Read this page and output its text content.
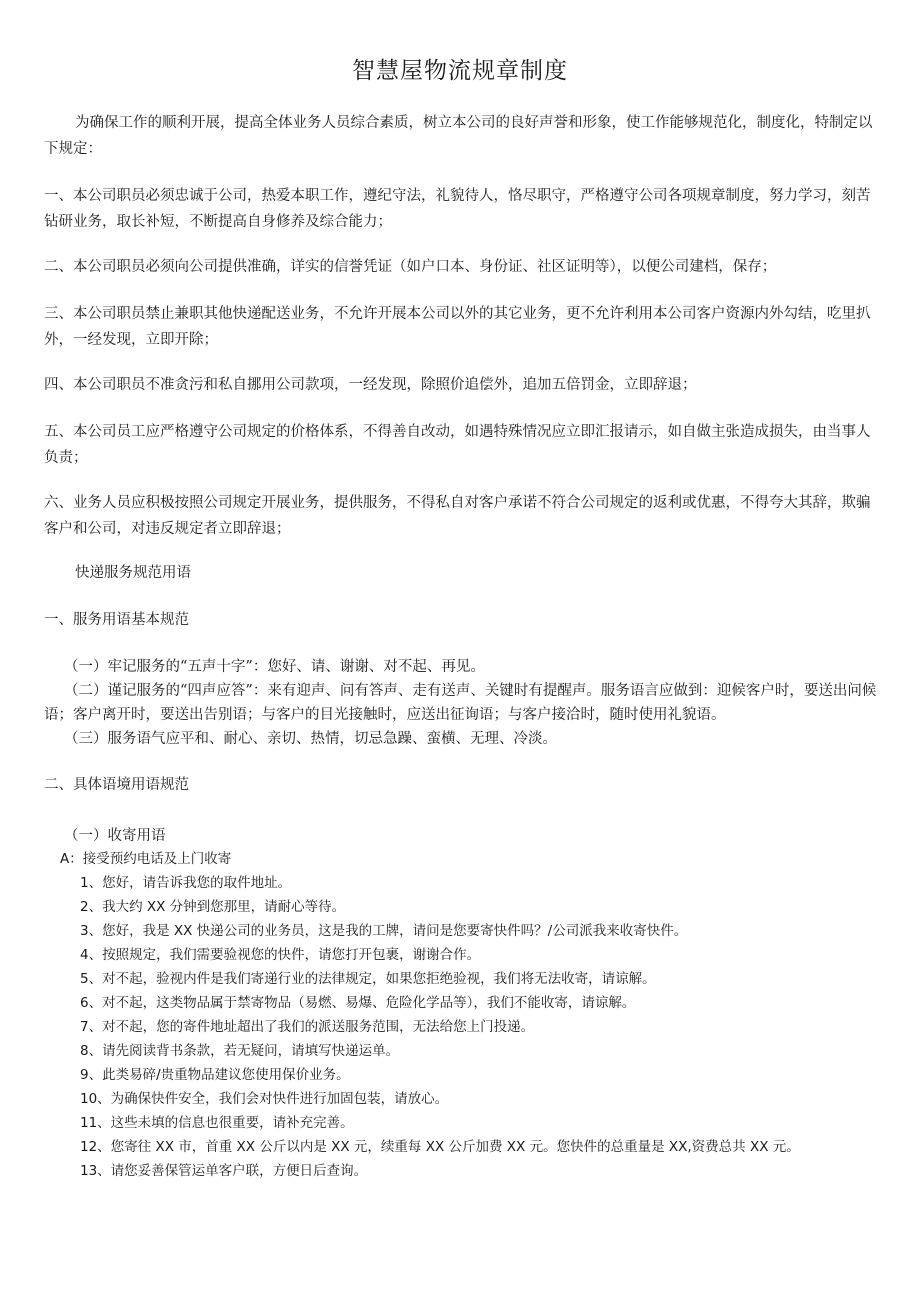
智慧屋物流规章制度

为确保工作的顺利开展，提高全体业务人员综合素质，树立本公司的良好声誉和形象，使工作能够规范化，制度化，特制定以下规定：

一、本公司职员必须忠诚于公司，热爱本职工作，遵纪守法，礼貌待人，恪尽职守，严格遵守公司各项规章制度，努力学习，刻苦钻研业务，取长补短，不断提高自身修养及综合能力；

二、本公司职员必须向公司提供准确，详实的信誉凭证（如户口本、身份证、社区证明等），以便公司建档，保存；

三、本公司职员禁止兼职其他快递配送业务，不允许开展本公司以外的其它业务，更不允许利用本公司客户资源内外勾结，吃里扒外，一经发现，立即开除；

四、本公司职员不准贪污和私自挪用公司款项，一经发现，除照价追偿外，追加五倍罚金，立即辞退；

五、本公司员工应严格遵守公司规定的价格体系，不得善自改动，如遇特殊情况应立即汇报请示，如自做主张造成损失，由当事人负责；

六、业务人员应积极按照公司规定开展业务，提供服务，不得私自对客户承诺不符合公司规定的返利或优惠，不得夸大其辞，欺骗客户和公司，对违反规定者立即辞退；

快递服务规范用语

一、服务用语基本规范

（一）牢记服务的“五声十字”：您好、请、谢谢、对不起、再见。

（二）谨记服务的“四声应答”：来有迎声、问有答声、走有送声、关键时有提醒声。服务语言应做到：迎候客户时，要送出问候语；客户离开时，要送出告别语；与客户的目光接触时，应送出征询语；与客户接洽时，随时使用礼貌语。

（三）服务语气应平和、耐心、亲切、热情，切忌急躁、蛮横、无理、冷淡。

二、具体语境用语规范

（一）收寄用语

A：接受预约电话及上门收寄

1、您好，请告诉我您的取件地址。

2、我大约 XX 分钟到您那里，请耐心等待。

3、您好，我是 XX 快递公司的业务员，这是我的工牌，请问是您要寄快件吗？/公司派我来收寄快件。

4、按照规定，我们需要验视您的快件，请您打开包裹，谢谢合作。

5、对不起，验视内件是我们寄递行业的法律规定，如果您拒绝验视，我们将无法收寄，请谅解。

6、对不起，这类物品属于禁寄物品（易燃、易爆、危险化学品等），我们不能收寄，请谅解。

7、对不起，您的寄件地址超出了我们的派送服务范围，无法给您上门投递。

8、请先阅读背书条款，若无疑问，请填写快递运单。

9、此类易碎/贵重物品建议您使用保价业务。

10、为确保快件安全，我们会对快件进行加固包装，请放心。

11、这些未填的信息也很重要，请补充完善。

12、您寄往 XX 市，首重 XX 公斤以内是 XX 元，续重每 XX 公斤加费 XX 元。您快件的总重量是 XX,资费总共 XX 元。

13、请您妥善保管运单客户联，方便日后查询。
